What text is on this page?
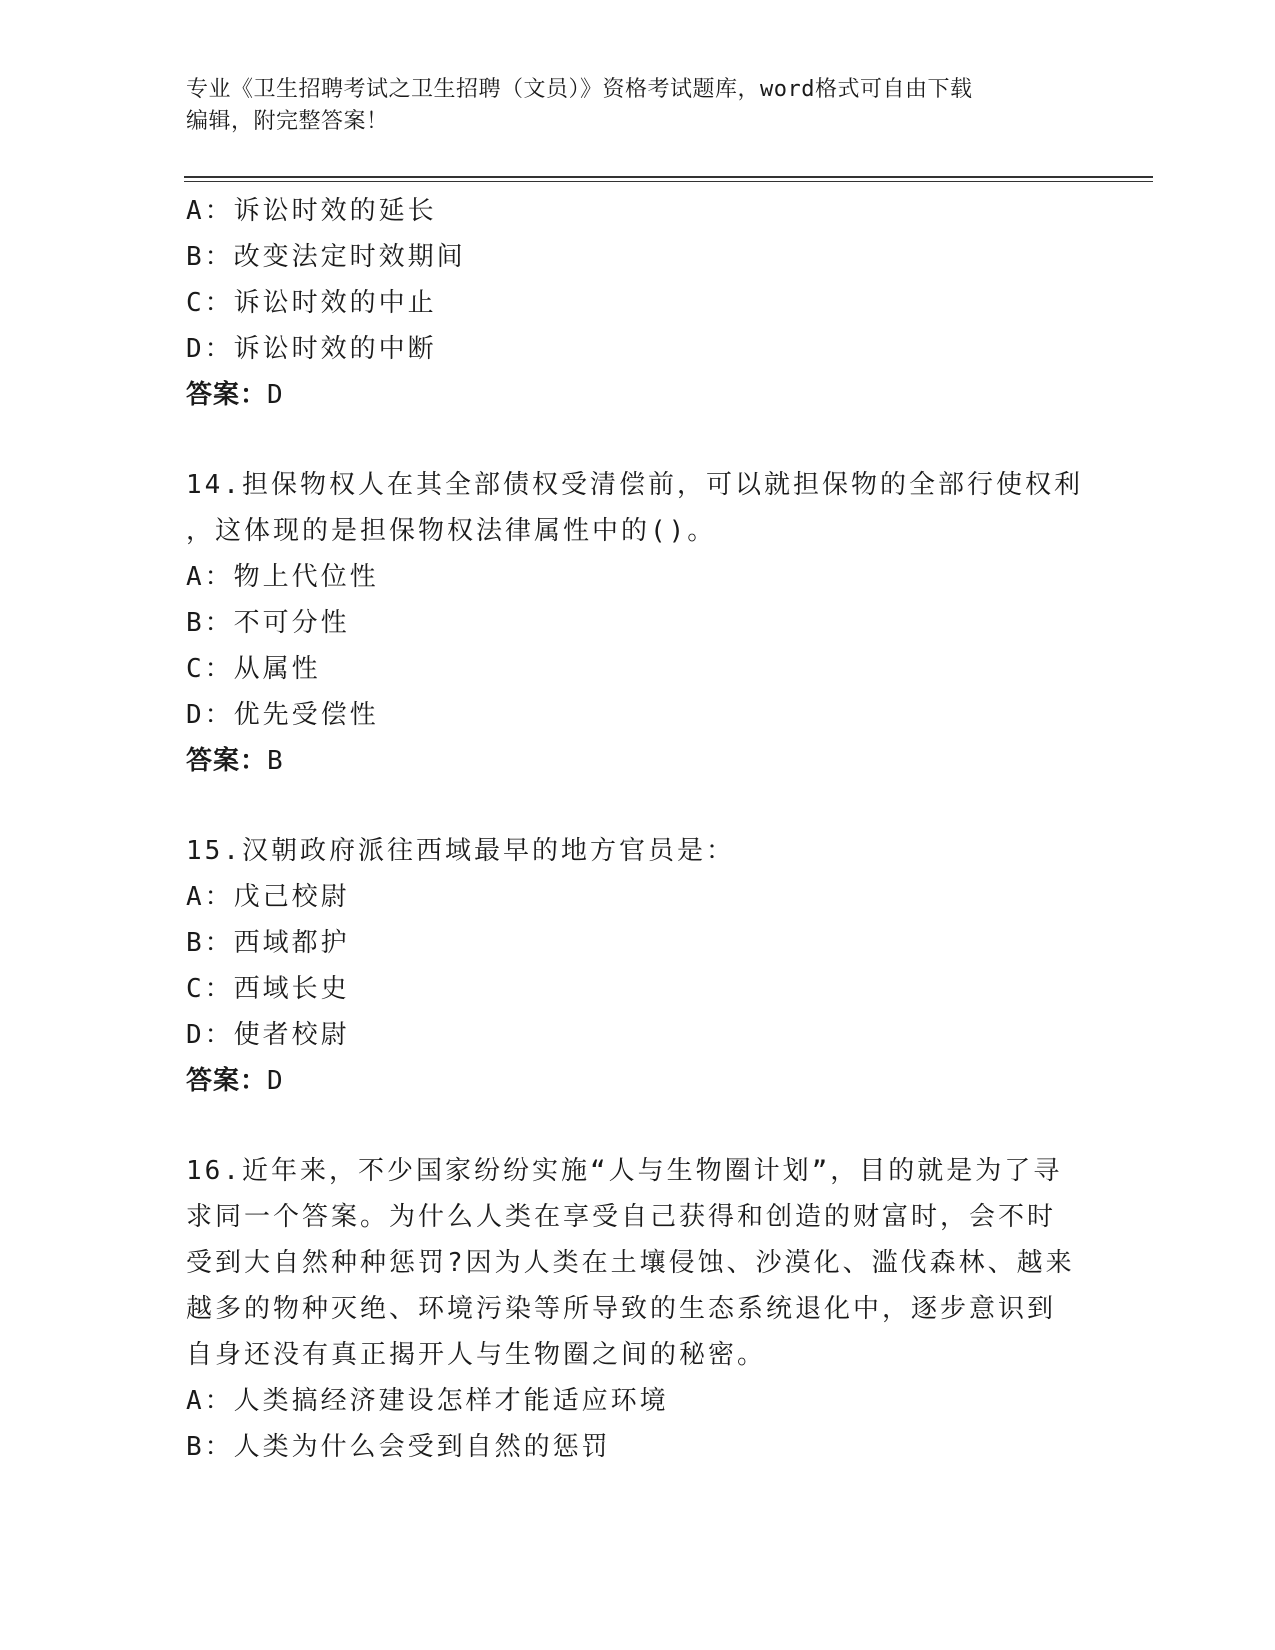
专业《卫生招聘考试之卫生招聘（文员）》资格考试题库，word格式可自由下载
编辑，附完整答案！
A：诉讼时效的延长
B：改变法定时效期间
C：诉讼时效的中止
D：诉讼时效的中断
答案：D
14.担保物权人在其全部债权受清偿前，可以就担保物的全部行使权利
，这体现的是担保物权法律属性中的()。
A：物上代位性
B：不可分性
C：从属性
D：优先受偿性
答案：B
15.汉朝政府派往西域最早的地方官员是：
A：戊己校尉
B：西域都护
C：西域长史
D：使者校尉
答案：D
16.近年来，不少国家纷纷实施“人与生物圈计划”，目的就是为了寻
求同一个答案。为什么人类在享受自己获得和创造的财富时，会不时
受到大自然种种惩罚?因为人类在土壤侵蚀、沙漠化、滥伐森林、越来
越多的物种灭绝、环境污染等所导致的生态系统退化中，逐步意识到
自身还没有真正揭开人与生物圈之间的秘密。
A：人类搞经济建设怎样才能适应环境
B：人类为什么会受到自然的惩罚
